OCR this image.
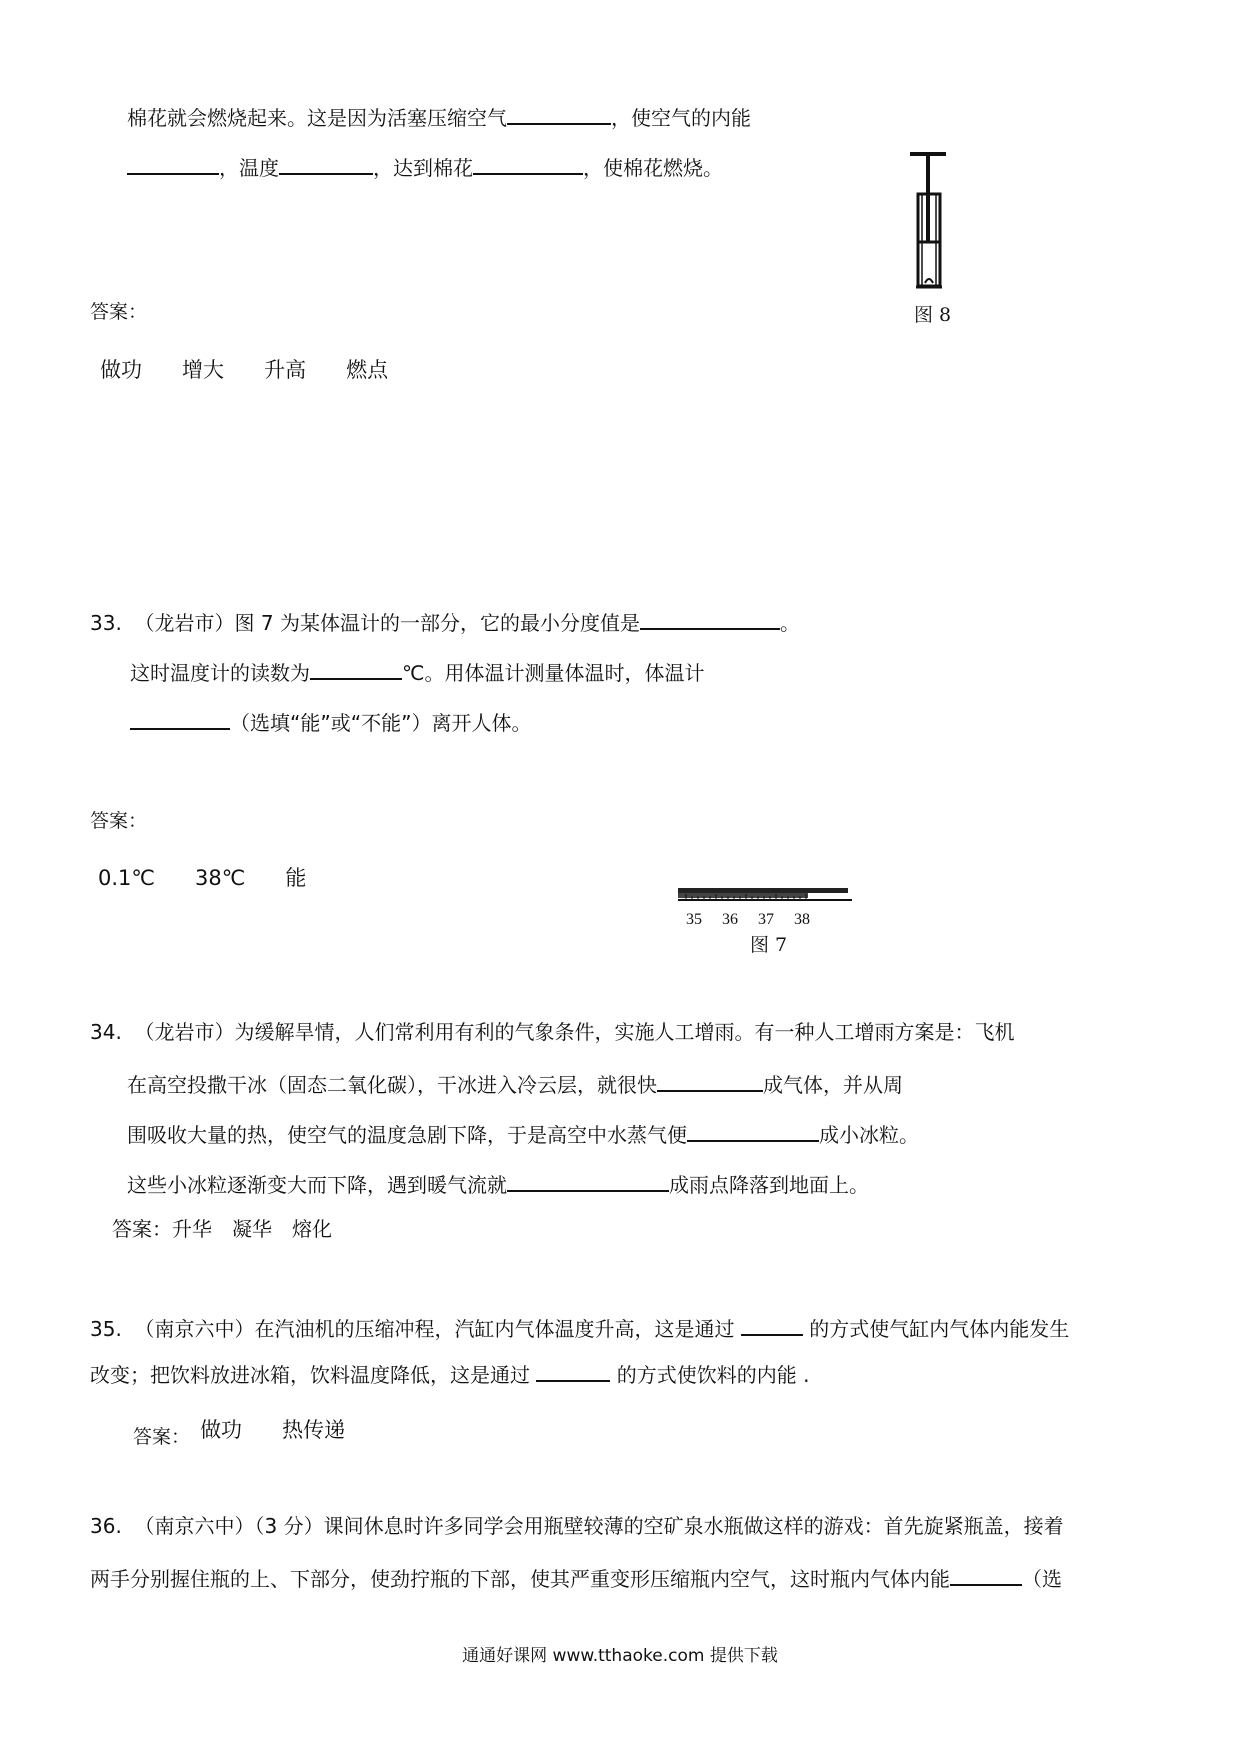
棉花就会燃烧起来。这是因为活塞压缩空气	，使空气的内能
，温度	，达到棉花	，使棉花燃烧。
图 8
答案：
做功 增大 升高 燃点
33. （龙岩市）图 7 为某体温计的一部分，它的最小分度值是	。
这时温度计的读数为	℃。用体温计测量体温时，体温计
（选填“能”或“不能”）离开人体。
答案：
0.1℃ 38℃ 能
35 36 37 38
图 7
34. （龙岩市）为缓解旱情，人们常利用有利的气象条件，实施人工增雨。有一种人工增雨方案是：飞机
在高空投撒干冰（固态二氧化碳），干冰进入冷云层，就很快	成气体，并从周
围吸收大量的热，使空气的温度急剧下降，于是高空中水蒸气便	成小冰粒。
这些小冰粒逐渐变大而下降，遇到暖气流就	成雨点降落到地面上。
答案：升华　凝华　熔化
35. （南京六中）在汽油机的压缩冲程，汽缸内气体温度升高，这是通过	的方式使气缸内气体内能发生
改变；把饮料放进冰箱，饮料温度降低，这是通过	的方式使饮料的内能 .
答案： 做功 热传递
36. （南京六中）（3 分）课间休息时许多同学会用瓶壁较薄的空矿泉水瓶做这样的游戏：首先旋紧瓶盖，接着
两手分别握住瓶的上、下部分，使劲拧瓶的下部，使其严重变形压缩瓶内空气，这时瓶内气体内能	（选
通通好课网 www.tthaoke.com 提供下载
